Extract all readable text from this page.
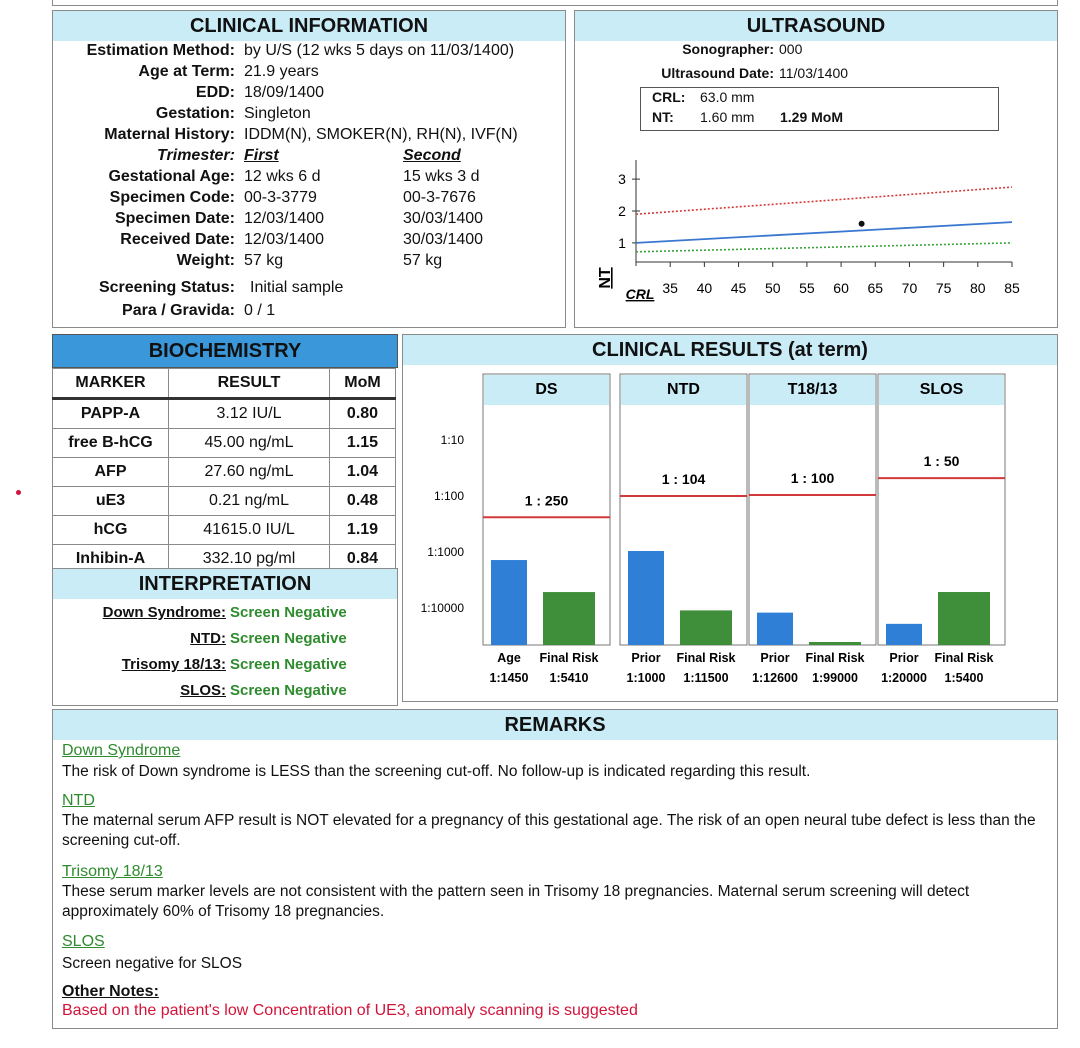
CLINICAL INFORMATION
Estimation Method: by U/S (12 wks 5 days on 11/03/1400)
Age at Term: 21.9 years
EDD: 18/09/1400
Gestation: Singleton
Maternal History: IDDM(N), SMOKER(N), RH(N), IVF(N)
Trimester: First	Second
Gestational Age: 12 wks 6 d	15 wks 3 d
Specimen Code: 00-3-3779	00-3-7676
Specimen Date: 12/03/1400	30/03/1400
Received Date: 12/03/1400	30/03/1400
Weight: 57 kg	57 kg
Screening Status: Initial sample
Para / Gravida: 0 / 1
ULTRASOUND
Sonographer: 000
Ultrasound Date: 11/03/1400
CRL: 63.0 mm
NT: 1.60 mm 1.29 MoM
1
2
3
35 40 45 50 55 60 65 70 75 80 85
NT
CRL
BIOCHEMISTRY
MARKER	RESULT	MoM
PAPP-A	3.12 IU/L	0.80
free B-hCG	45.00 ng/mL	1.15
AFP	27.60 ng/mL	1.04
uE3	0.21 ng/mL	0.48
hCG	41615.0 IU/L	1.19
Inhibin-A	332.10 pg/ml	0.84
INTERPRETATION
Down Syndrome: Screen Negative
NTD: Screen Negative
Trisomy 18/13: Screen Negative
SLOS: Screen Negative
CLINICAL RESULTS (at term)
1:10
1:100
1:1000
1:10000
DS
1 : 250
Age
1:1450
Final Risk
1:5410
NTD
1 : 104
Prior
1:1000
Final Risk
1:11500
T18/13
1 : 100
Prior
1:12600
Final Risk
1:99000
SLOS
1 : 50
Prior
1:20000
Final Risk
1:5400
REMARKS
Down Syndrome
The risk of Down syndrome is LESS than the screening cut-off. No follow-up is indicated regarding this result.
NTD
The maternal serum AFP result is NOT elevated for a pregnancy of this gestational age. The risk of an open neural tube defect is less than the screening cut-off.
Trisomy 18/13
These serum marker levels are not consistent with the pattern seen in Trisomy 18 pregnancies. Maternal serum screening will detect approximately 60% of Trisomy 18 pregnancies.
SLOS
Screen negative for SLOS
Other Notes:
Based on the patient's low Concentration of UE3, anomaly scanning is suggested
